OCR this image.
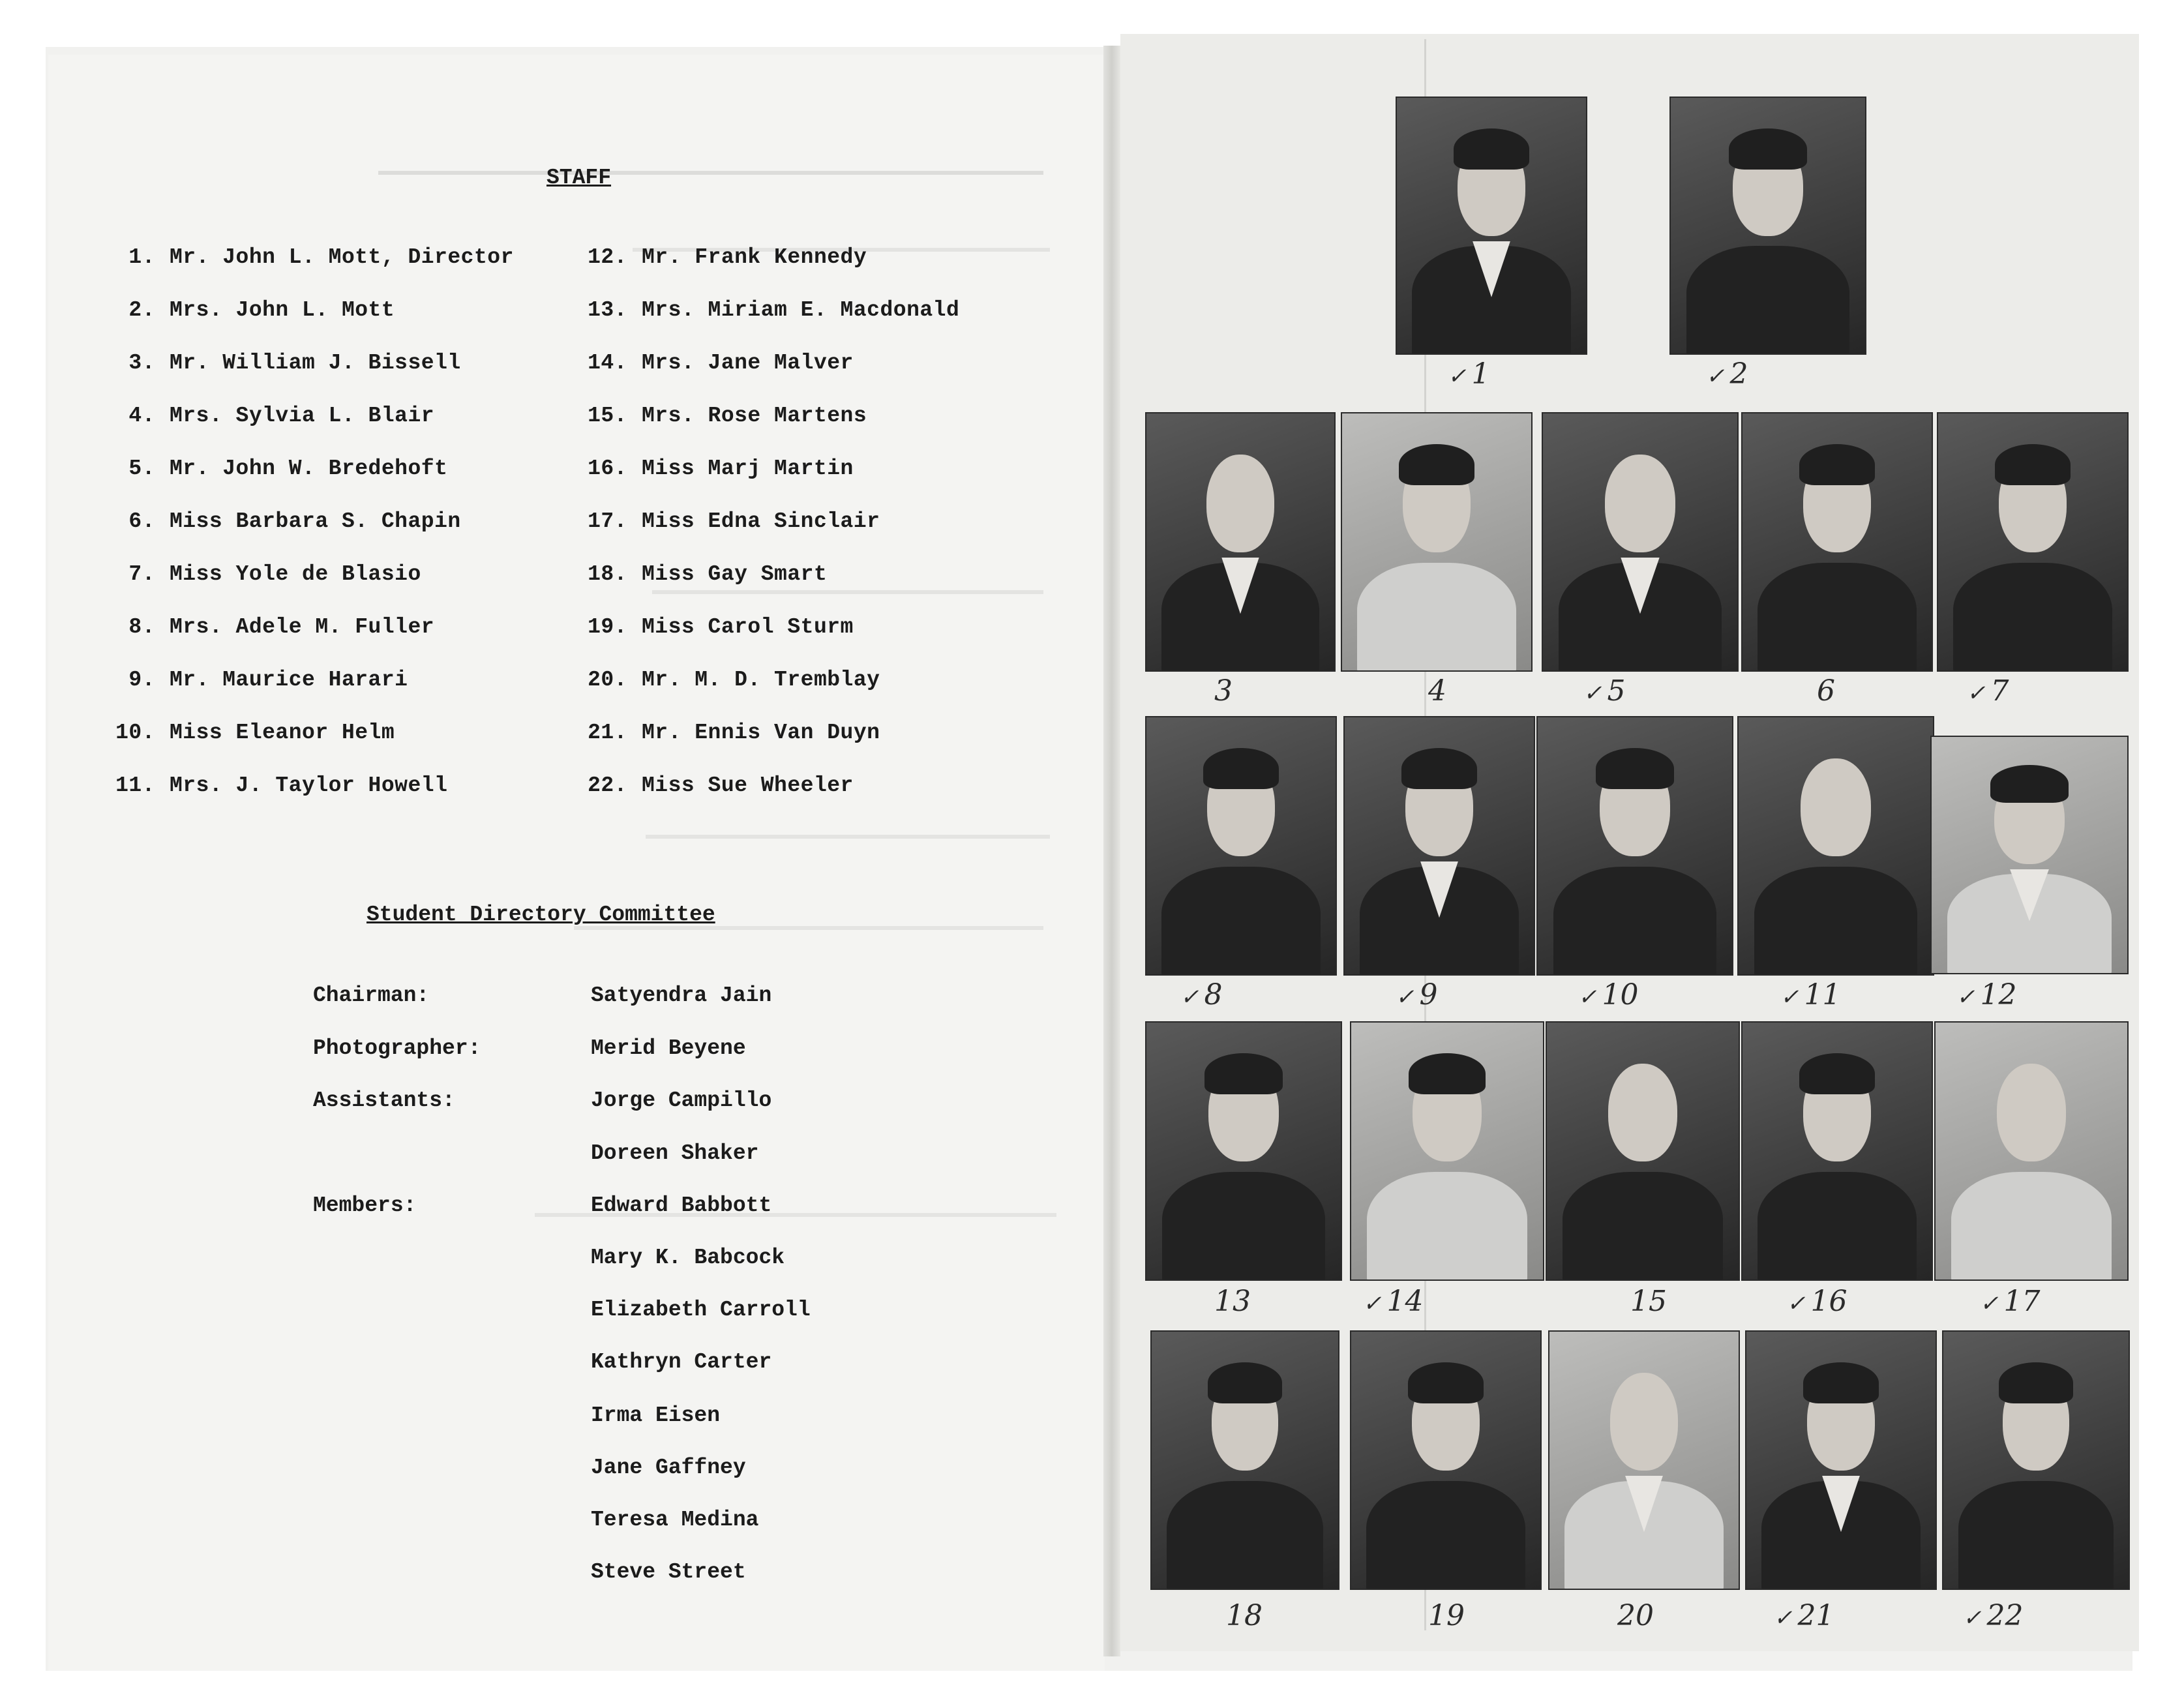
STAFF
1. Mr. John L. Mott, Director
2. Mrs. John L. Mott
3. Mr. William J. Bissell
4. Mrs. Sylvia L. Blair
5. Mr. John W. Bredehoft
6. Miss Barbara S. Chapin
7. Miss Yole de Blasio
8. Mrs. Adele M. Fuller
9. Mr. Maurice Harari
10. Miss Eleanor Helm
11. Mrs. J. Taylor Howell
12. Mr. Frank Kennedy
13. Mrs. Miriam E. Macdonald
14. Mrs. Jane Malver
15. Mrs. Rose Martens
16. Miss Marj Martin
17. Miss Edna Sinclair
18. Miss Gay Smart
19. Miss Carol Sturm
20. Mr. M. D. Tremblay
21. Mr. Ennis Van Duyn
22. Miss Sue Wheeler
Student Directory Committee
Chairman:	Satyendra Jain
Photographer:	Merid Beyene
Assistants:	Jorge Campillo
Doreen Shaker
Members:	Edward Babbott
Mary K. Babcock
Elizabeth Carroll
Kathryn Carter
Irma Eisen
Jane Gaffney
Teresa Medina
Steve Street
✓ 1	✓ 2
3	4	✓ 5	6	✓ 7
✓ 8	✓ 9	✓ 10	✓ 11	✓ 12
13	✓ 14	15	✓ 16	✓ 17
18	19	20	✓ 21	✓ 22
